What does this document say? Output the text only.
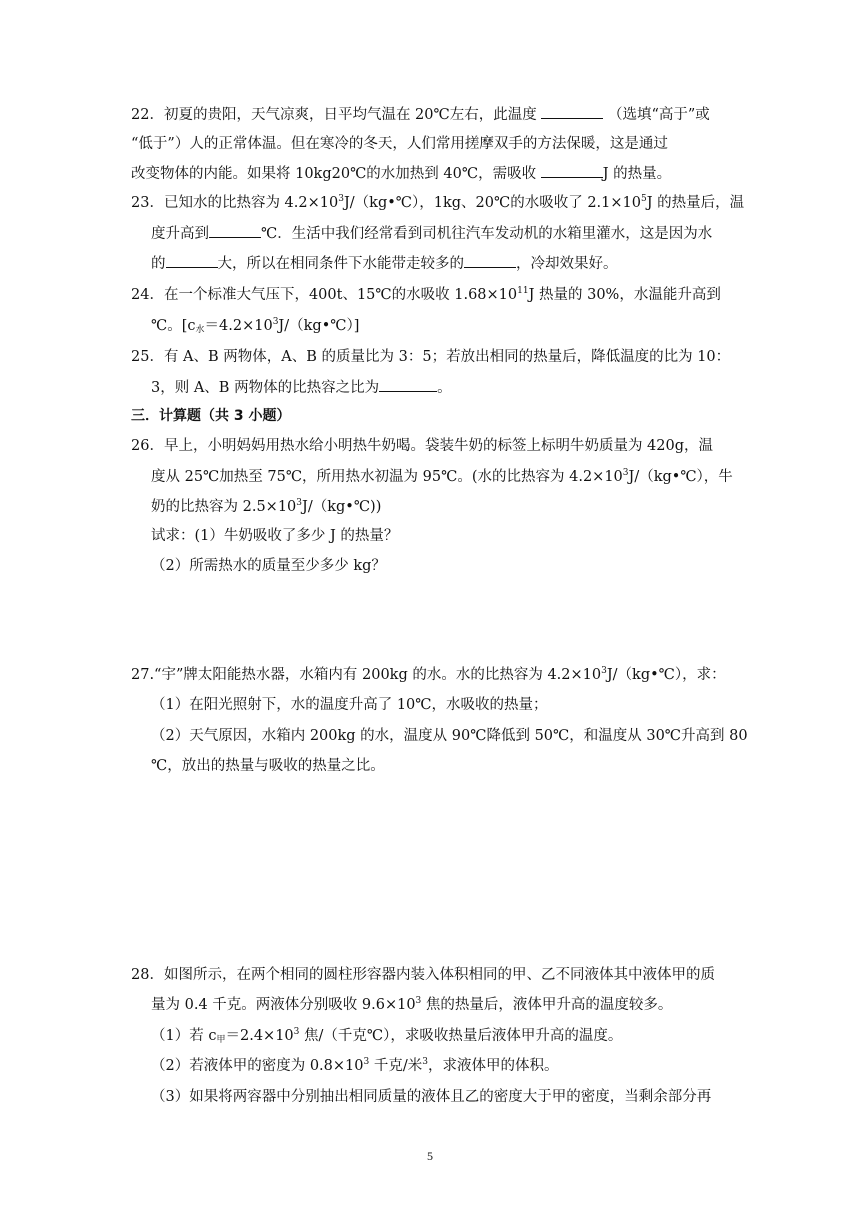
22．初夏的贵阳，天气凉爽，日平均气温在 20℃左右，此温度	（选填“高于”或
“低于”）人的正常体温。但在寒冷的冬天，人们常用搓摩双手的方法保暖，这是通过
改变物体的内能。如果将 10kg20℃的水加热到 40℃，需吸收	J 的热量。
23．已知水的比热容为 $4.2\times 10^3J/(kg•℃)$，1kg、20℃的水吸收了 $2.1\times 10^5J$ 的热量后，温
度升高到	℃．生活中我们经常看到司机往汽车发动机的水箱里灌水，这是因为水
的	大，所以在相同条件下水能带走较多的	，冷却效果好。
24．在一个标准大气压下，400t、15℃的水吸收 $1.68\times 10^{11}J$ 热量的 30%，水温能升高到
℃。$[c_水=4.2\times 10^3J/(kg•℃)]$
25．有 A、B 两物体，A、B 的质量比为 3：5；若放出相同的热量后，降低温度的比为 10：
3，则 A、B 两物体的比热容之比为	。
三．计算题（共 3 小题）
26．早上，小明妈妈用热水给小明热牛奶喝。袋装牛奶的标签上标明牛奶质量为 420g，温
度从 25℃加热至 75℃，所用热水初温为 95℃。(水的比热容为 $4.2\times 10^3J/(kg•℃)$，牛
奶的比热容为 $2.5\times 10^3J/(kg•℃)$)
试求：(1）牛奶吸收了多少 J 的热量？
（2）所需热水的质量至少多少 kg？
27.“宇”牌太阳能热水器，水箱内有 200kg 的水。水的比热容为 $4.2\times 10^3J/(kg•℃)$，求：
（1）在阳光照射下，水的温度升高了 10℃，水吸收的热量；
（2）天气原因，水箱内 200kg 的水，温度从 90℃降低到 50℃，和温度从 30℃升高到 80
℃，放出的热量与吸收的热量之比。
28．如图所示，在两个相同的圆柱形容器内装入体积相同的甲、乙不同液体其中液体甲的质
量为 0.4 千克。两液体分别吸收 $9.6\times 10^3$ 焦的热量后，液体甲升高的温度较多。
（1）若 $c_甲=2.4\times 10^3$ 焦/（千克℃），求吸收热量后液体甲升高的温度。
（2）若液体甲的密度为 $0.8\times 10^3$ 千克/米$^3$，求液体甲的体积。
（3）如果将两容器中分别抽出相同质量的液体且乙的密度大于甲的密度，当剩余部分再
5
